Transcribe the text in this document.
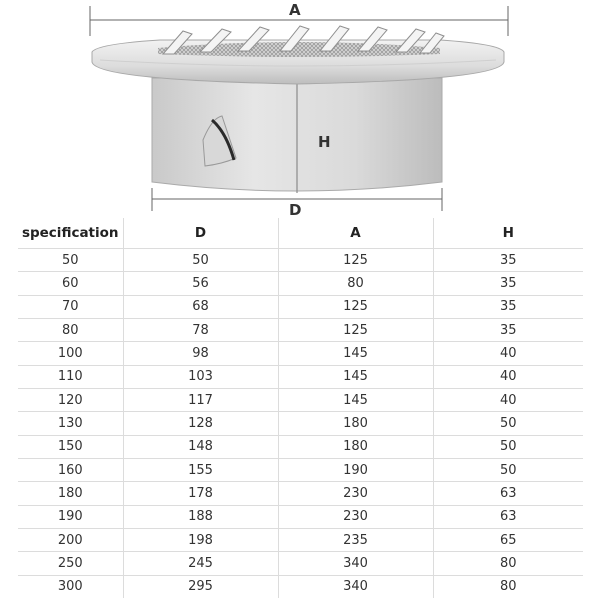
A
H
D
specification	D	A	H
50	50	125	35
60	56	80	35
70	68	125	35
80	78	125	35
100	98	145	40
110	103	145	40
120	117	145	40
130	128	180	50
150	148	180	50
160	155	190	50
180	178	230	63
190	188	230	63
200	198	235	65
250	245	340	80
300	295	340	80
